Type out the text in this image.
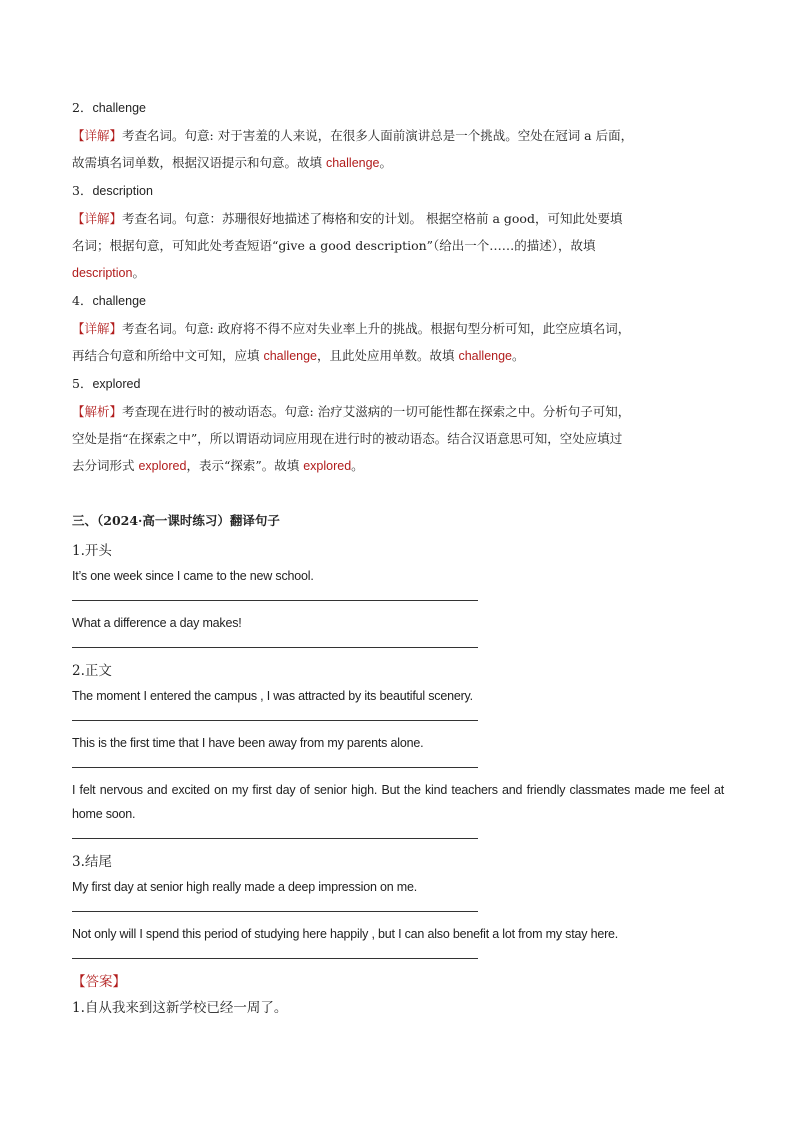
2．challenge
【详解】考查名词。句意: 对于害羞的人来说，在很多人面前演讲总是一个挑战。空处在冠词 a 后面，
故需填名词单数，根据汉语提示和句意。故填 challenge。
3．description
【详解】考查名词。句意：苏珊很好地描述了梅格和安的计划。 根据空格前 a good，可知此处要填
名词；根据句意，可知此处考查短语“give a good description”（给出一个……的描述），故填
description。
4．challenge
【详解】考查名词。句意: 政府将不得不应对失业率上升的挑战。根据句型分析可知，此空应填名词，
再结合句意和所给中文可知，应填 challenge，且此处应用单数。故填 challenge。
5．explored
【解析】考查现在进行时的被动语态。句意: 治疗艾滋病的一切可能性都在探索之中。分析句子可知，
空处是指“在探索之中”，所以谓语动词应用现在进行时的被动语态。结合汉语意思可知，空处应填过
去分词形式 explored，表示“探索”。故填 explored。
三、（2024·高一课时练习）翻译句子
1.开头
It’s one week since I came to the new school.
What a difference a day makes!
2.正文
The moment I entered the campus , I was attracted by its beautiful scenery.
This is the first time that I have been away from my parents alone.
I felt nervous and excited on my first day of senior high. But the kind teachers and friendly classmates made me feel at home soon.
3.结尾
My first day at senior high really made a deep impression on me.
Not only will I spend this period of studying here happily , but I can also benefit a lot from my stay here.
【答案】
1.自从我来到这新学校已经一周了。
